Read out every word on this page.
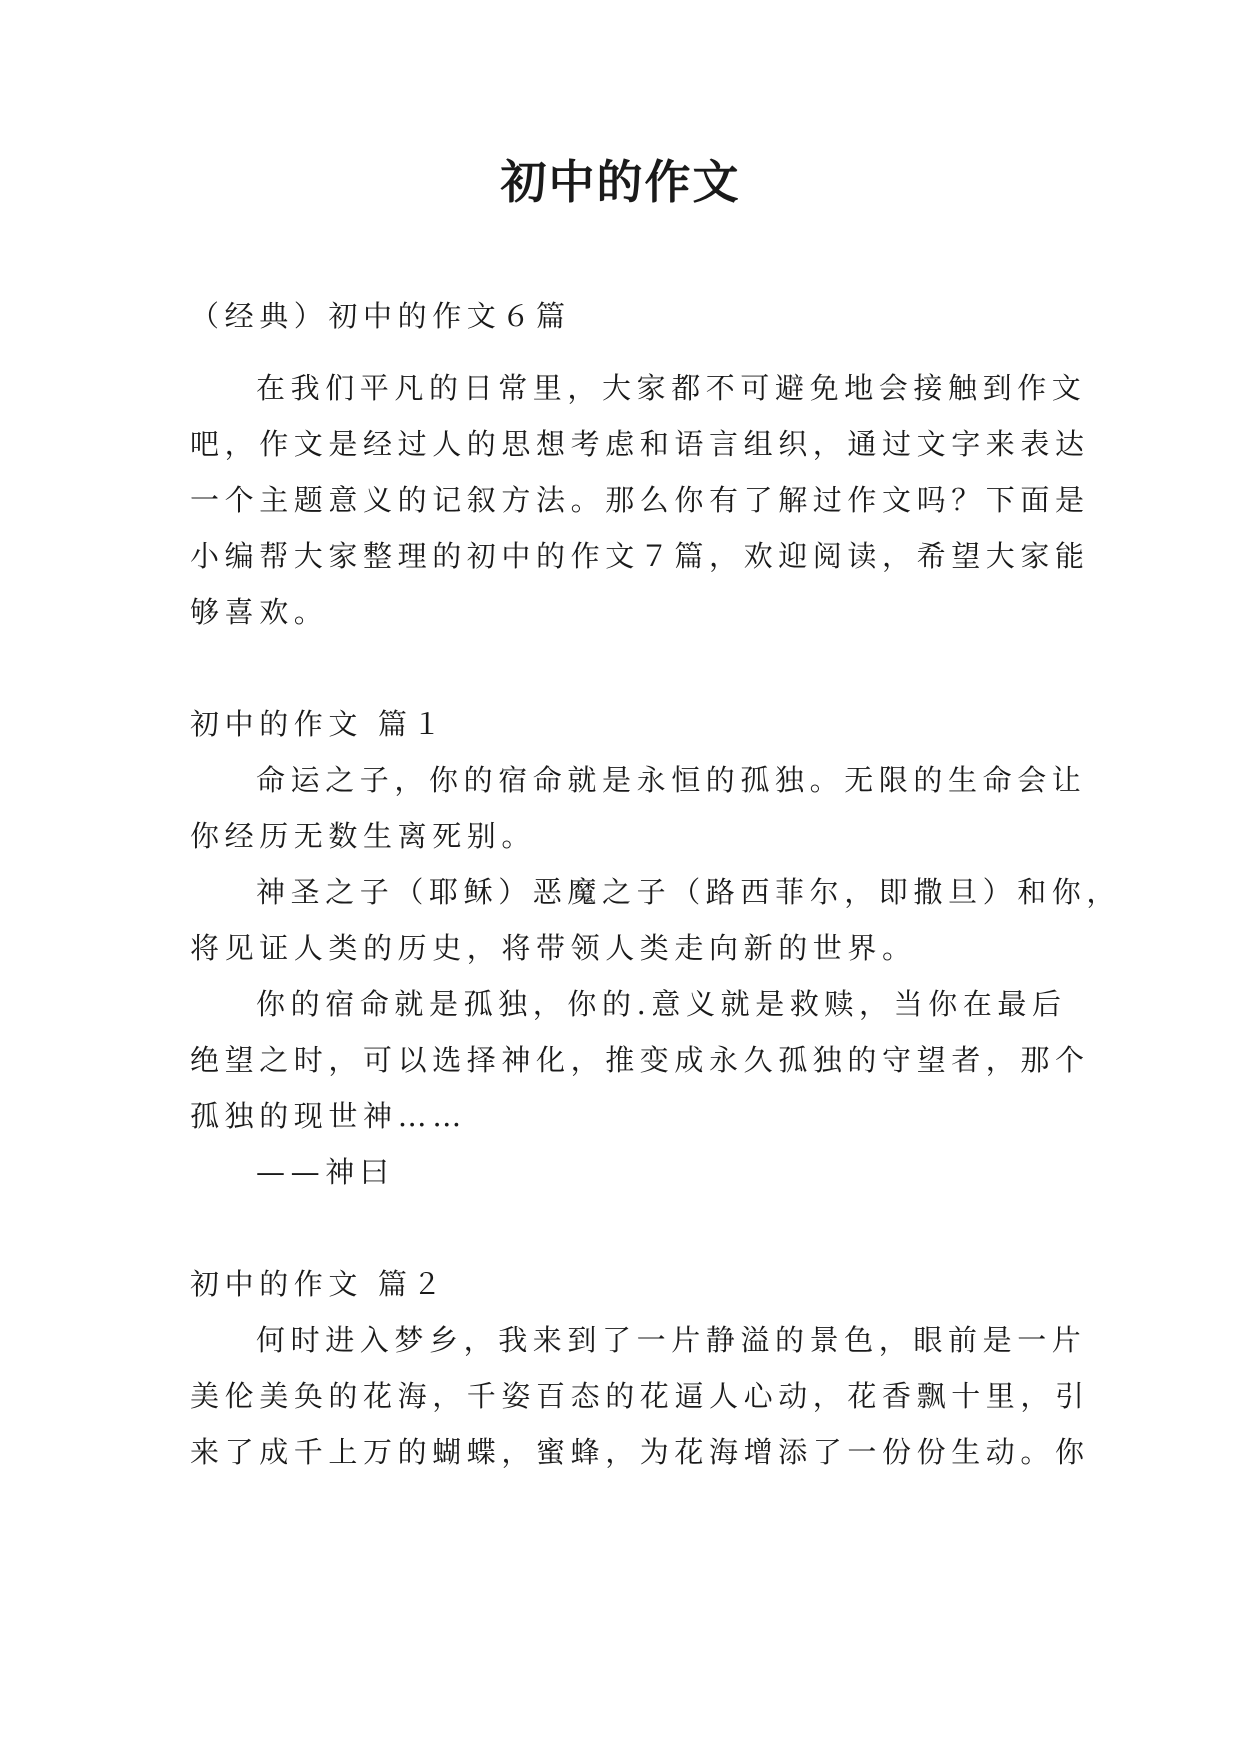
初中的作文

（经典）初中的作文６篇

在我们平凡的日常里，大家都不可避免地会接触到作文

吧，作文是经过人的思想考虑和语言组织，通过文字来表达

一个主题意义的记叙方法。那么你有了解过作文吗？下面是

小编帮大家整理的初中的作文７篇，欢迎阅读，希望大家能

够喜欢。

初中的作文 篇１

命运之子，你的宿命就是永恒的孤独。无限的生命会让

你经历无数生离死别。

神圣之子（耶稣）恶魔之子（路西菲尔，即撒旦）和你，

将见证人类的历史，将带领人类走向新的世界。

你的宿命就是孤独，你的.意义就是救赎，当你在最后

绝望之时，可以选择神化，推变成永久孤独的守望者，那个

孤独的现世神……

——神曰

初中的作文 篇２

何时进入梦乡，我来到了一片静溢的景色，眼前是一片

美伦美奂的花海，千姿百态的花逼人心动，花香飘十里，引

来了成千上万的蝴蝶，蜜蜂，为花海增添了一份份生动。你
